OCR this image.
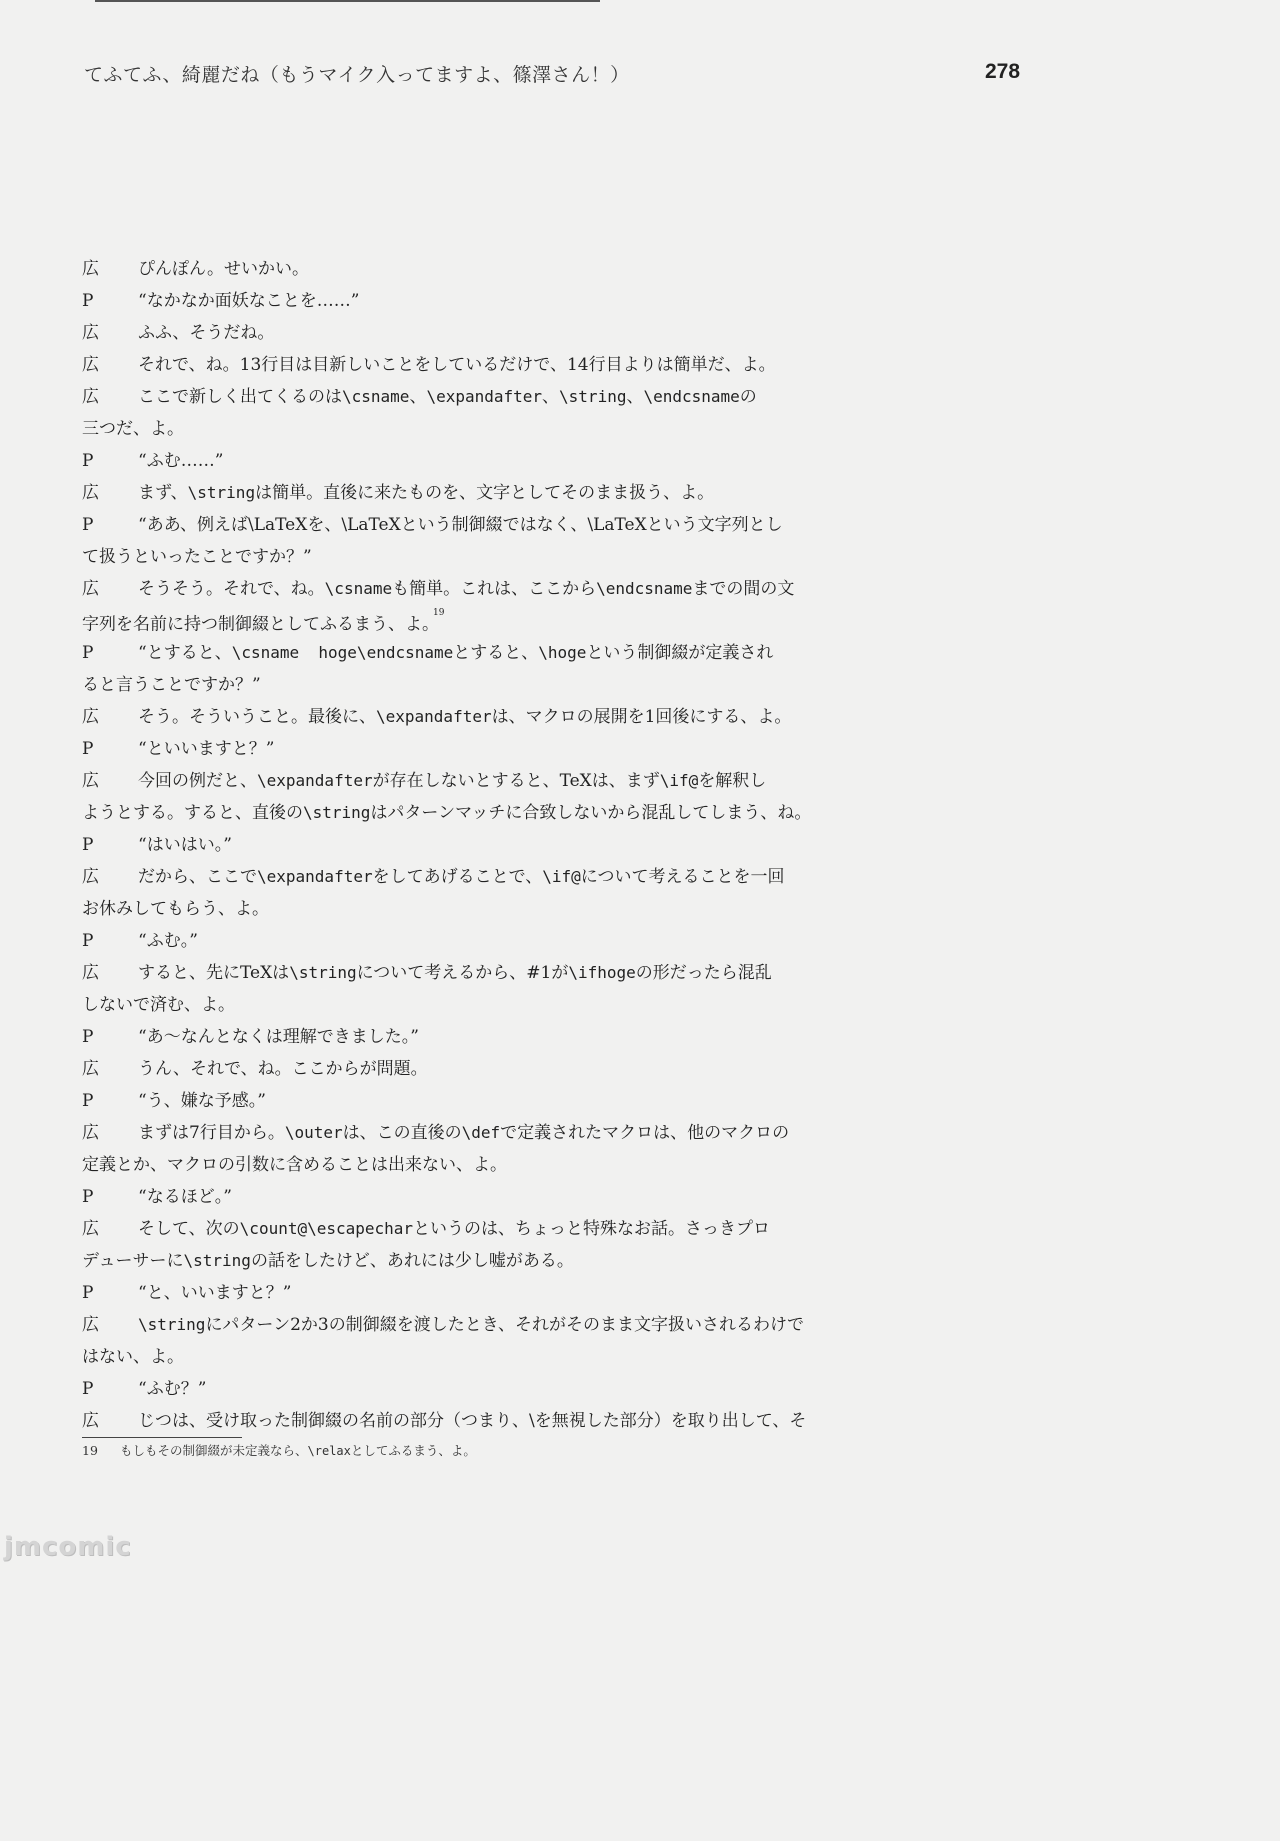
てふてふ、綺麗だね（もうマイク入ってますよ、篠澤さん！）	278
広 ぴんぽん。せいかい。
P	“なかなか面妖なことを……”
広 ふふ、そうだね。
広 それで、ね。13行目は目新しいことをしているだけで、14行目よりは簡単だ、よ。
広 ここで新しく出てくるのは\csname、\expandafter、\string、\endcsnameの
三つだ、よ。
P	“ふむ……”
広 まず、\stringは簡単。直後に来たものを、文字としてそのまま扱う、よ。
P	“ああ、例えば\LaTeXを、\LaTeXという制御綴ではなく、\LaTeXという文字列とし
て扱うといったことですか？”
広 そうそう。それで、ね。\csnameも簡単。これは、ここから\endcsnameまでの間の文
字列を名前に持つ制御綴としてふるまう、よ。$^{19}$
P	“とすると、\csname  hoge\endcsnameとすると、\hogeという制御綴が定義され
ると言うことですか？”
広 そう。そういうこと。最後に、\expandafterは、マクロの展開を1回後にする、よ。
P	“といいますと？”
広 今回の例だと、\expandafterが存在しないとすると、TeXは、まず\if@を解釈し
ようとする。すると、直後の\stringはパターンマッチに合致しないから混乱してしまう、ね。
P	“はいはい。”
広 だから、ここで\expandafterをしてあげることで、\if@について考えることを一回
お休みしてもらう、よ。
P	“ふむ。”
広 すると、先にTeXは\stringについて考えるから、#1が\ifhogeの形だったら混乱
しないで済む、よ。
P	“あ～なんとなくは理解できました。”
広 うん、それで、ね。ここからが問題。
P	“う、嫌な予感。”
広 まずは7行目から。\outerは、この直後の\defで定義されたマクロは、他のマクロの
定義とか、マクロの引数に含めることは出来ない、よ。
P	“なるほど。”
広 そして、次の\count@\escapecharというのは、ちょっと特殊なお話。さっきプロ
デューサーに\stringの話をしたけど、あれには少し嘘がある。
P	“と、いいますと？”
広 \stringにパターン2か3の制御綴を渡したとき、それがそのまま文字扱いされるわけで
はない、よ。
P	“ふむ？”
広 じつは、受け取った制御綴の名前の部分（つまり、\を無視した部分）を取り出して、そ
19 もしもその制御綴が未定義なら、\relaxとしてふるまう、よ。
jmcomic
